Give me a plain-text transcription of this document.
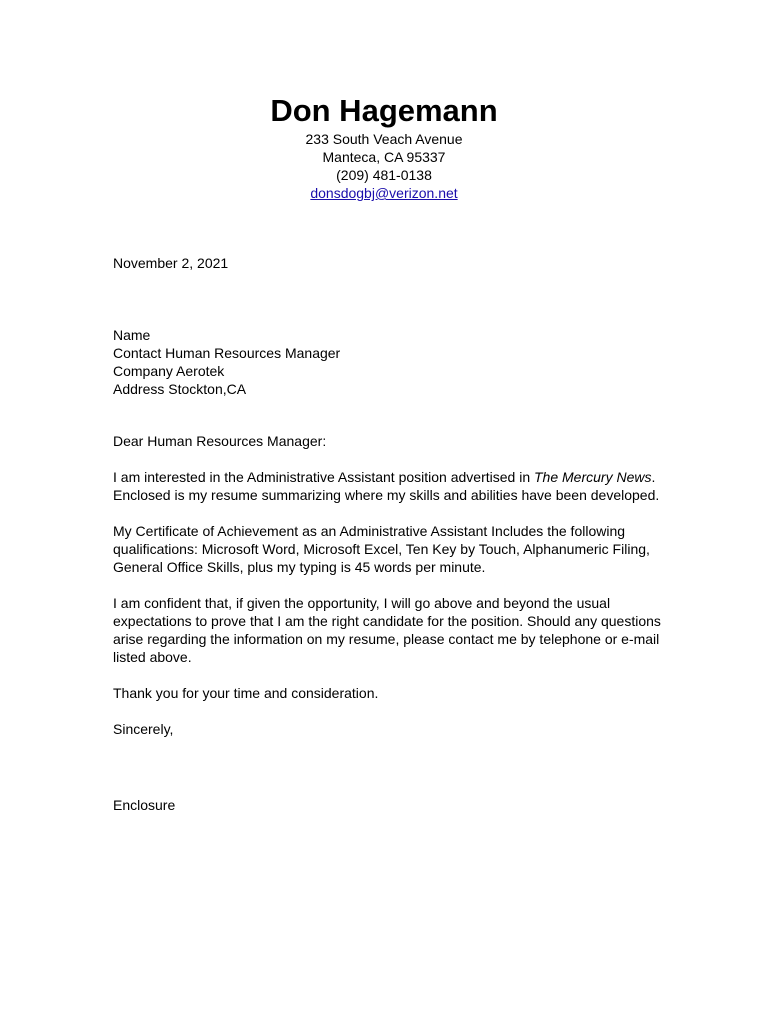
Don Hagemann
233 South Veach Avenue
Manteca, CA 95337
(209) 481-0138
donsdogbj@verizon.net

November 2, 2021

Name

Contact Human Resources Manager

Company Aerotek

Address Stockton,CA

Dear Human Resources Manager:

I am interested in the Administrative Assistant position advertised in The Mercury News. Enclosed is my resume summarizing where my skills and abilities have been developed.

My Certificate of Achievement as an Administrative Assistant Includes the following qualifications: Microsoft Word, Microsoft Excel, Ten Key by Touch, Alphanumeric Filing, General Office Skills, plus my typing is 45 words per minute.

I am confident that, if given the opportunity, I will go above and beyond the usual expectations to prove that I am the right candidate for the position. Should any questions arise regarding the information on my resume, please contact me by telephone or e-mail listed above.

Thank you for your time and consideration.

Sincerely,

Enclosure
